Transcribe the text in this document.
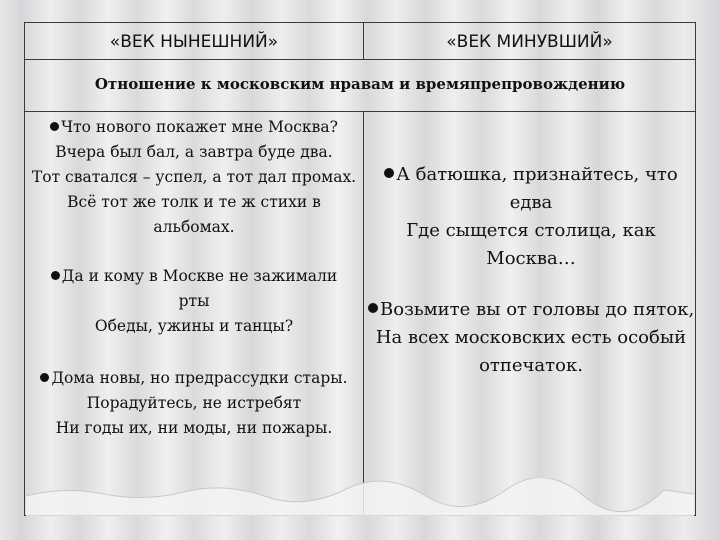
«ВЕК НЫНЕШНИЙ»	«ВЕК МИНУВШИЙ»
Отношение к московским нравам и времяпрепровождению
Что нового покажет мне Москва?
Вчера был бал, а завтра буде два.
Тот сватался – успел, а тот дал промах.
Всё тот же толк и те ж стихи в
альбомах.
Да и кому в Москве не зажимали
рты
Обеды, ужины и танцы?
Дома новы, но предрассудки стары.
Порадуйтесь, не истребят
Ни годы их, ни моды, ни пожары.
А батюшка, признайтесь, что
едва
Где сыщется столица, как
Москва…
Возьмите вы от головы до пяток,
На всех московских есть особый
отпечаток.
